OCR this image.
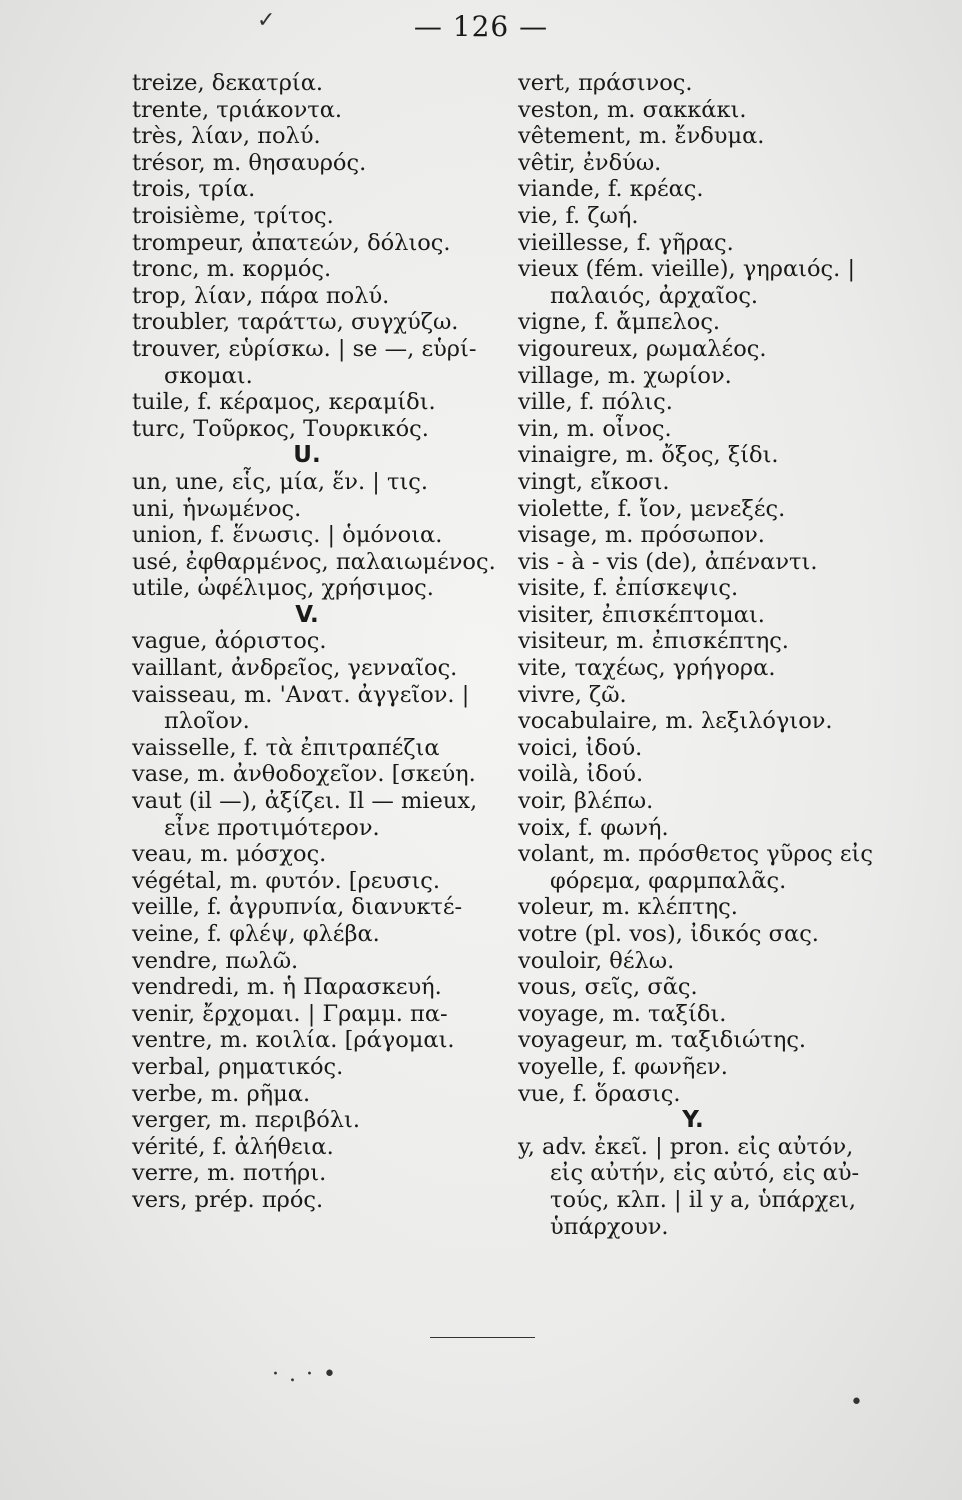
✓	— 126 —
treize, δεκατρία.
trente, τριάκοντα.
très, λίαν, πολύ.
trésor, m. θησαυρός.
trois, τρία.
troisième, τρίτος.
trompeur, ἀπατεών, δόλιος.
tronc, m. κορμός.
trop, λίαν, πάρα πολύ.
troubler, ταράττω, συγχύζω.
trouver, εὑρίσκω. | se —, εὑρί-
σκομαι.
tuile, f. κέραμος, κεραμίδι.
turc, Τοῦρκος, Τουρκικός.
U.
un, une, εἷς, μία, ἕν. | τις.
uni, ἡνωμένος.
union, f. ἕνωσις. | ὁμόνοια.
usé, ἐφθαρμένος, παλαιωμένος.
utile, ὠφέλιμος, χρήσιμος.
V.
vague, ἀόριστος.
vaillant, ἀνδρεῖος, γενναῖος.
vaisseau, m. 'Ανατ. ἀγγεῖον. |
πλοῖον.
vaisselle, f. τὰ ἐπιτραπέζια
vase, m. ἀνθοδοχεῖον. [σκεύη.
vaut (il —), ἀξίζει. Il — mieux,
εἶνε προτιμότερον.
veau, m. μόσχος.
végétal, m. φυτόν. [ρευσις.
veille, f. ἀγρυπνία, διανυκτέ-
veine, f. φλέψ, φλέβα.
vendre, πωλῶ.
vendredi, m. ἡ Παρασκευή.
venir, ἔρχομαι. | Γραμμ. πα-
ventre, m. κοιλία. [ράγομαι.
verbal, ρηματικός.
verbe, m. ρῆμα.
verger, m. περιβόλι.
vérité, f. ἀλήθεια.
verre, m. ποτήρι.
vers, prép. πρός.
vert, πράσινος.
veston, m. σακκάκι.
vêtement, m. ἔνδυμα.
vêtir, ἐνδύω.
viande, f. κρέας.
vie, f. ζωή.
vieillesse, f. γῆρας.
vieux (fém. vieille), γηραιός. |
παλαιός, ἀρχαῖος.
vigne, f. ἄμπελος.
vigoureux, ρωμαλέος.
village, m. χωρίον.
ville, f. πόλις.
vin, m. οἶνος.
vinaigre, m. ὄξος, ξίδι.
vingt, εἴκοσι.
violette, f. ἴον, μενεξές.
visage, m. πρόσωπον.
vis - à - vis (de), ἀπέναντι.
visite, f. ἐπίσκεψις.
visiter, ἐπισκέπτομαι.
visiteur, m. ἐπισκέπτης.
vite, ταχέως, γρήγορα.
vivre, ζῶ.
vocabulaire, m. λεξιλόγιον.
voici, ἰδού.
voilà, ἰδού.
voir, βλέπω.
voix, f. φωνή.
volant, m. πρόσθετος γῦρος εἰς
φόρεμα, φαρμπαλᾶς.
voleur, m. κλέπτης.
votre (pl. vos), ἰδικός σας.
vouloir, θέλω.
vous, σεῖς, σᾶς.
voyage, m. ταξίδι.
voyageur, m. ταξιδιώτης.
voyelle, f. φωνῆεν.
vue, f. ὅρασις.
Y.
y, adv. ἐκεῖ. | pron. εἰς αὐτόν,
εἰς αὐτήν, εἰς αὐτό, εἰς αὐ-
τούς, κλπ. | il y a, ὑπάρχει,
ὑπάρχουν.
·.·•
•
